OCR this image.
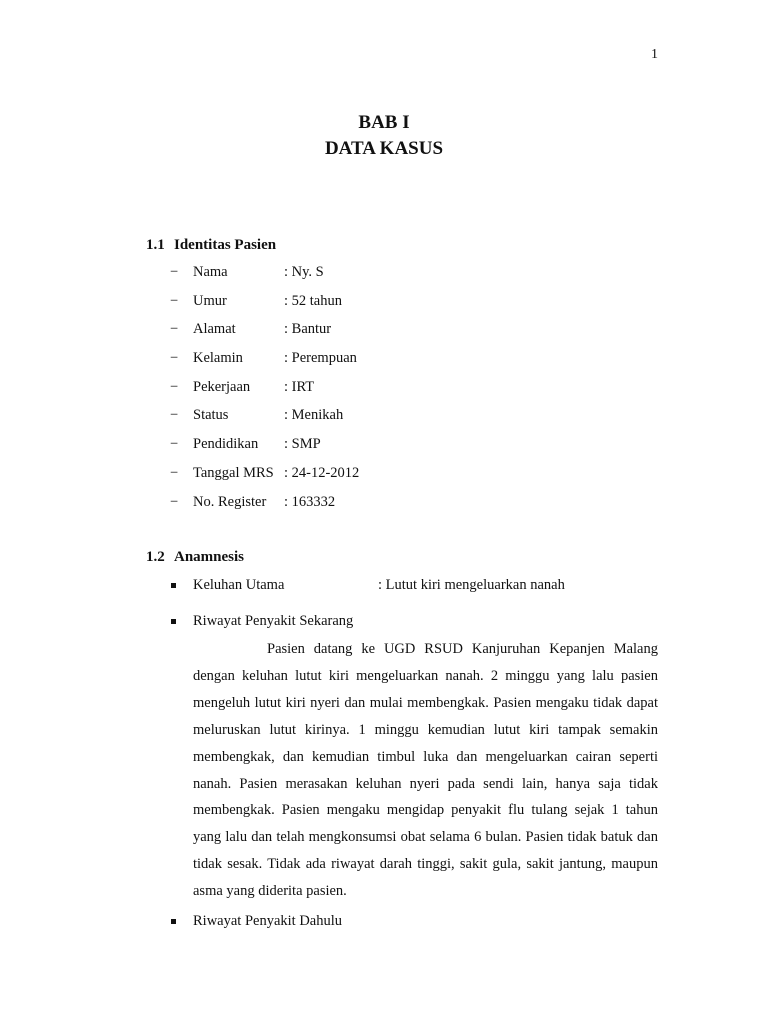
1
BAB I
DATA KASUS
1.1 Identitas Pasien
− Nama	: Ny. S
− Umur	: 52 tahun
− Alamat	: Bantur
− Kelamin	: Perempuan
− Pekerjaan : IRT
− Status	: Menikah
− Pendidikan : SMP
− Tanggal MRS : 24-12-2012
− No. Register : 163332
1.2 Anamnesis
Keluhan Utama	: Lutut kiri mengeluarkan nanah
Riwayat Penyakit Sekarang

Pasien datang ke UGD RSUD Kanjuruhan Kepanjen Malang dengan keluhan lutut kiri mengeluarkan nanah. 2 minggu yang lalu pasien mengeluh lutut kiri nyeri dan mulai membengkak. Pasien mengaku tidak dapat meluruskan lutut kirinya. 1 minggu kemudian lutut kiri tampak semakin membengkak, dan kemudian timbul luka dan mengeluarkan cairan seperti nanah. Pasien merasakan keluhan nyeri pada sendi lain, hanya saja tidak membengkak. Pasien mengaku mengidap penyakit flu tulang sejak 1 tahun yang lalu dan telah mengkonsumsi obat selama 6 bulan. Pasien tidak batuk dan tidak sesak. Tidak ada riwayat darah tinggi, sakit gula, sakit jantung, maupun asma yang diderita pasien.

Riwayat Penyakit Dahulu
